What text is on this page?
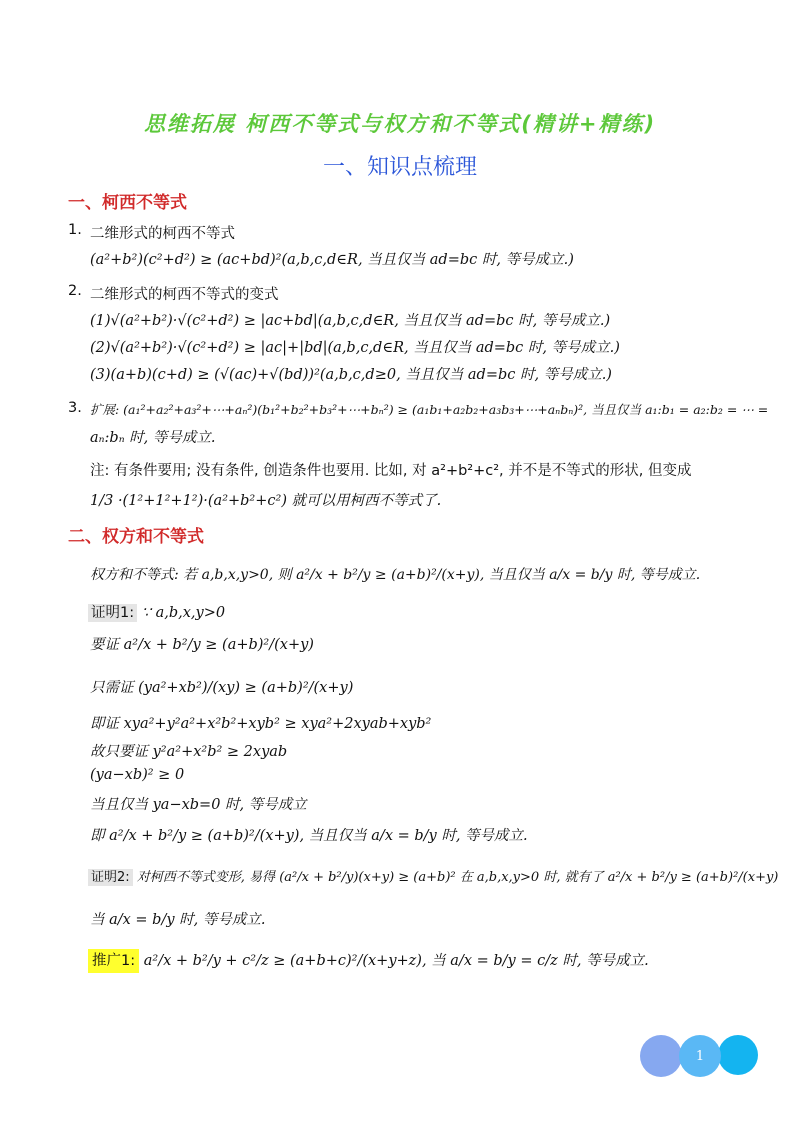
思维拓展 柯西不等式与权方和不等式(精讲+精练)
一、知识点梳理
一、柯西不等式
1. 二维形式的柯西不等式
(a²+b²)(c²+d²) ≥ (ac+bd)²(a,b,c,d∈R, 当且仅当 ad=bc 时, 等号成立.)
2. 二维形式的柯西不等式的变式
(1)√(a²+b²)·√(c²+d²) ≥ |ac+bd|(a,b,c,d∈R, 当且仅当 ad=bc 时, 等号成立.)
(2)√(a²+b²)·√(c²+d²) ≥ |ac|+|bd|(a,b,c,d∈R, 当且仅当 ad=bc 时, 等号成立.)
(3)(a+b)(c+d) ≥ (√(ac)+√(bd))²(a,b,c,d≥0, 当且仅当 ad=bc 时, 等号成立.)
3. 扩展: (a₁²+a₂²+a₃²+⋯+aₙ²)(b₁²+b₂²+b₃²+⋯+bₙ²) ≥ (a₁b₁+a₂b₂+a₃b₃+⋯+aₙbₙ)², 当且仅当 a₁:b₁ = a₂:b₂ = ⋯ =
aₙ:bₙ 时, 等号成立.
注: 有条件要用; 没有条件, 创造条件也要用. 比如, 对 a²+b²+c², 并不是不等式的形状, 但变成
1/3 ·(1²+1²+1²)·(a²+b²+c²) 就可以用柯西不等式了.
二、权方和不等式
权方和不等式: 若 a,b,x,y>0, 则 a²/x + b²/y ≥ (a+b)²/(x+y), 当且仅当 a/x = b/y 时, 等号成立.
证明1: ∵ a,b,x,y>0
要证 a²/x + b²/y ≥ (a+b)²/(x+y)
只需证 (ya²+xb²)/(xy) ≥ (a+b)²/(x+y)
即证 xya²+y²a²+x²b²+xyb² ≥ xya²+2xyab+xyb²
故只要证 y²a²+x²b² ≥ 2xyab
(ya−xb)² ≥ 0
当且仅当 ya−xb=0 时, 等号成立
即 a²/x + b²/y ≥ (a+b)²/(x+y), 当且仅当 a/x = b/y 时, 等号成立.
证明2: 对柯西不等式变形, 易得 (a²/x + b²/y)(x+y) ≥ (a+b)² 在 a,b,x,y>0 时, 就有了 a²/x + b²/y ≥ (a+b)²/(x+y)
当 a/x = b/y 时, 等号成立.
推广1: a²/x + b²/y + c²/z ≥ (a+b+c)²/(x+y+z), 当 a/x = b/y = c/z 时, 等号成立.
1
